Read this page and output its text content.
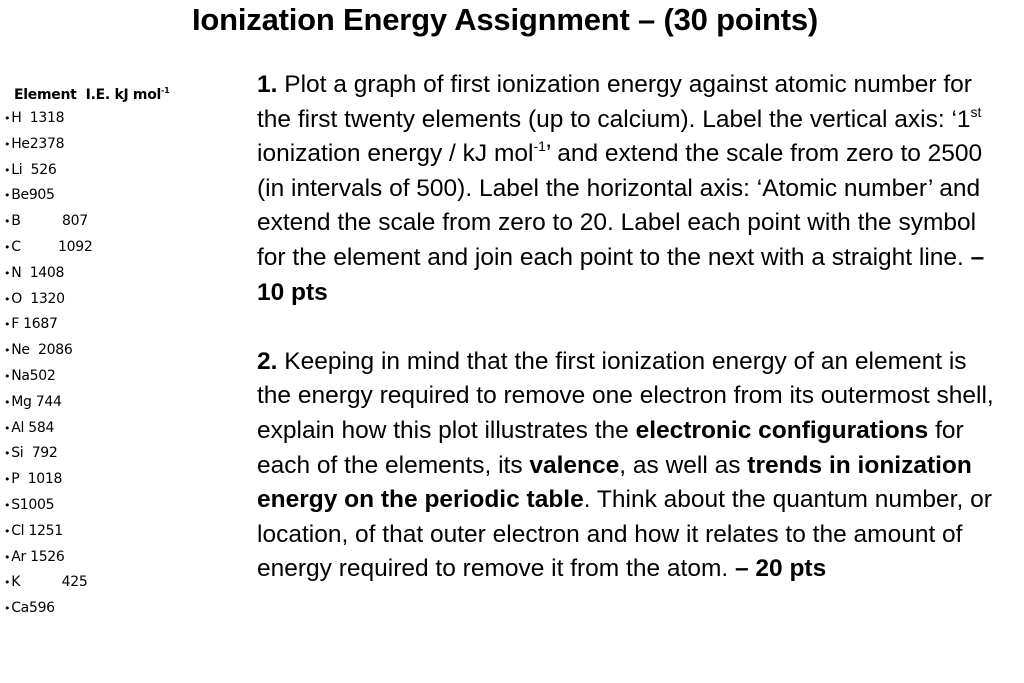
Ionization Energy Assignment – (30 points)
Element I.E. kJ mol$^{-1}$
•H 1318
•He2378
•Li 526
•Be905
•B	807
•C	1092
•N 1408
•O 1320
•F 1687
•Ne 2086
•Na502
•Mg 744
•Al 584
•Si 792
•P 1018
•S1005
•Cl 1251
•Ar 1526
•K	425
•Ca596

1. Plot a graph of first ionization energy against atomic number for the first twenty elements (up to calcium). Label the vertical axis: ‘1st ionization energy / kJ mol$^{-1}$’ and extend the scale from zero to 2500 (in intervals of 500). Label the horizontal axis: ‘Atomic number’ and extend the scale from zero to 20. Label each point with the symbol for the element and join each point to the next with a straight line. – 10 pts

2. Keeping in mind that the first ionization energy of an element is the energy required to remove one electron from its outermost shell, explain how this plot illustrates the electronic configurations for each of the elements, its valence, as well as trends in ionization energy on the periodic table. Think about the quantum number, or location, of that outer electron and how it relates to the amount of energy required to remove it from the atom. – 20 pts
